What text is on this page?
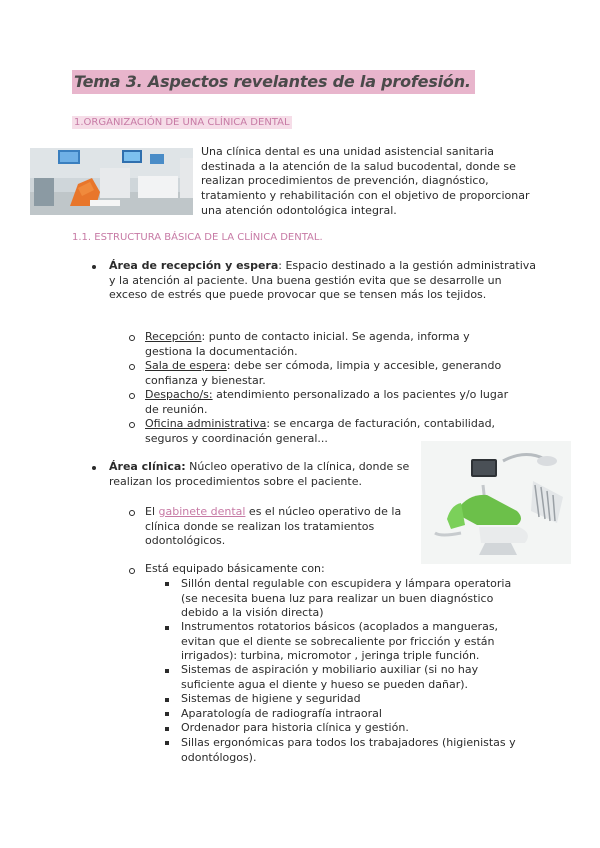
Tema 3. Aspectos revelantes de la profesión.
1.ORGANIZACIÓN DE UNA CLÍNICA DENTAL

Una clínica dental es una unidad asistencial sanitaria destinada a la atención de la salud bucodental, donde se realizan procedimientos de prevención, diagnóstico, tratamiento y rehabilitación con el objetivo de proporcionar una atención odontológica integral.

1.1. ESTRUCTURA BÁSICA DE LA CLÍNICA DENTAL.

Área de recepción y espera: Espacio destinado a la gestión administrativa y la atención al paciente. Una buena gestión evita que se desarrolle un exceso de estrés que puede provocar que se tensen más los tejidos.

Recepción: punto de contacto inicial. Se agenda, informa y gestiona la documentación.

Sala de espera: debe ser cómoda, limpia y accesible, generando confianza y bienestar.

Despacho/s: atendimiento personalizado a los pacientes y/o lugar de reunión.

Oficina administrativa: se encarga de facturación, contabilidad, seguros y coordinación general...

Área clínica: Núcleo operativo de la clínica, donde se realizan los procedimientos sobre el paciente.

El gabinete dental es el núcleo operativo de la clínica donde se realizan los tratamientos odontológicos.

Está equipado básicamente con:

Sillón dental regulable con escupidera y lámpara operatoria (se necesita buena luz para realizar un buen diagnóstico debido a la visión directa)

Instrumentos rotatorios básicos (acoplados a mangueras, evitan que el diente se sobrecaliente por fricción y están irrigados): turbina, micromotor , jeringa triple función.

Sistemas de aspiración y mobiliario auxiliar (si no hay suficiente agua el diente y hueso se pueden dañar).

Sistemas de higiene y seguridad

Aparatología de radiografía intraoral

Ordenador para historia clínica y gestión.

Sillas ergonómicas para todos los trabajadores (higienistas y odontólogos).
